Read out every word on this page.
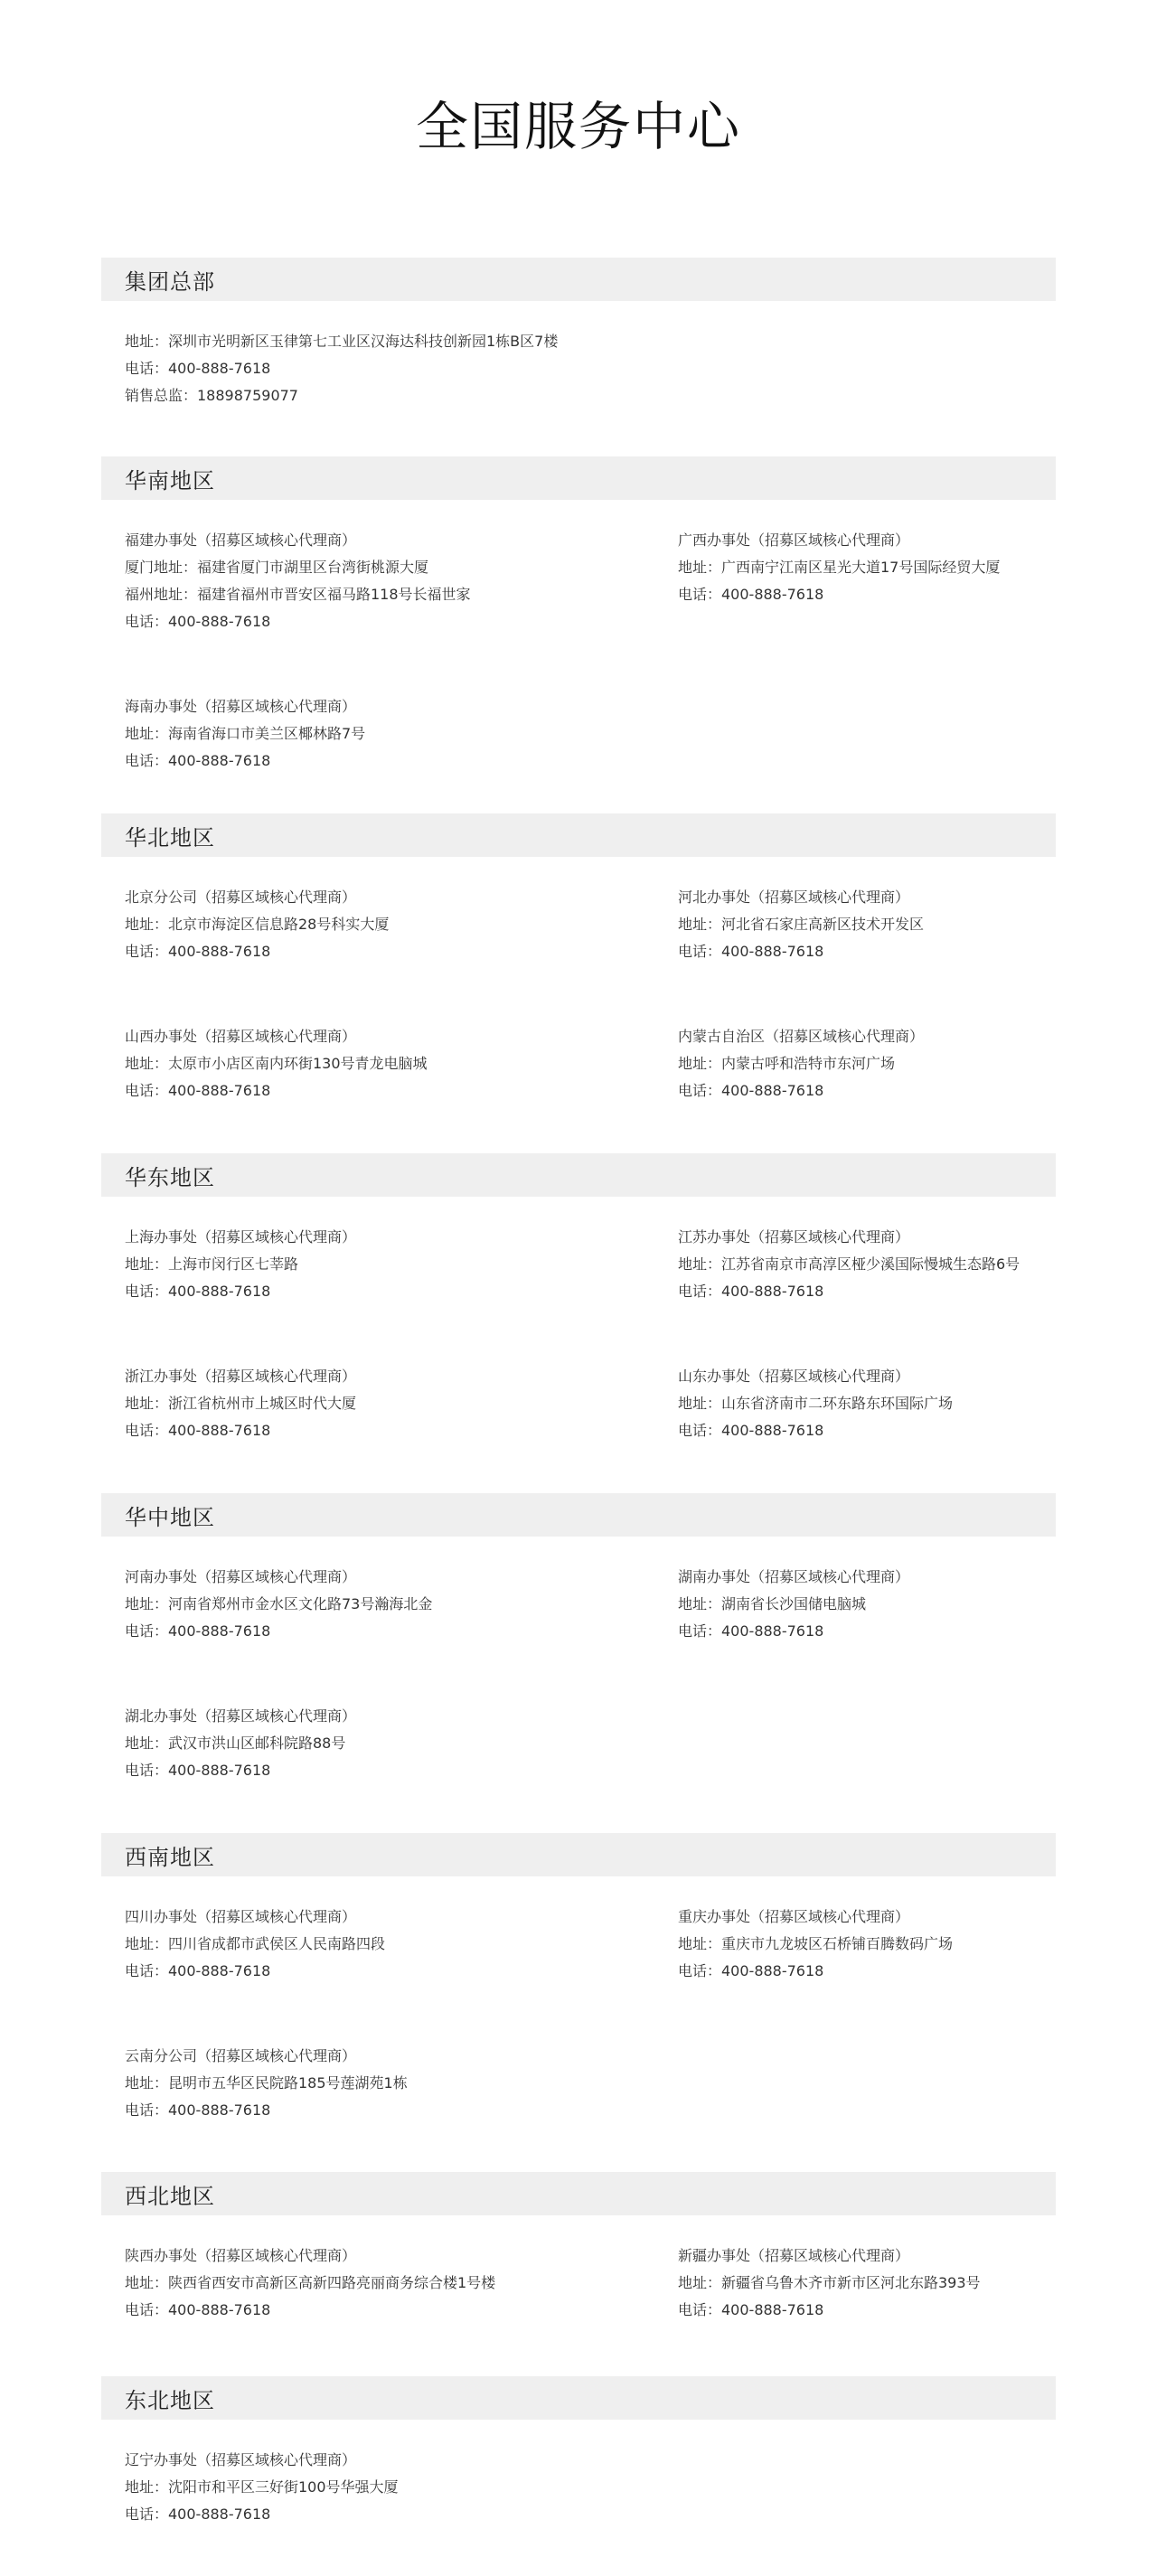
全国服务中心
集团总部
地址：深圳市光明新区玉律第七工业区汉海达科技创新园1栋B区7楼
电话：400-888-7618
销售总监：18898759077
华南地区
福建办事处（招募区域核心代理商）
厦门地址：福建省厦门市湖里区台湾街桃源大厦
福州地址：福建省福州市晋安区福马路118号长福世家
电话：400-888-7618
广西办事处（招募区域核心代理商）
地址：广西南宁江南区星光大道17号国际经贸大厦
电话：400-888-7618
海南办事处（招募区域核心代理商）
地址：海南省海口市美兰区椰林路7号
电话：400-888-7618
华北地区
北京分公司（招募区域核心代理商）
地址：北京市海淀区信息路28号科实大厦
电话：400-888-7618
河北办事处（招募区域核心代理商）
地址：河北省石家庄高新区技术开发区
电话：400-888-7618
山西办事处（招募区域核心代理商）
地址：太原市小店区南内环街130号青龙电脑城
电话：400-888-7618
内蒙古自治区（招募区域核心代理商）
地址：内蒙古呼和浩特市东河广场
电话：400-888-7618
华东地区
上海办事处（招募区域核心代理商）
地址：上海市闵行区七莘路
电话：400-888-7618
江苏办事处（招募区域核心代理商）
地址：江苏省南京市高淳区桠少溪国际慢城生态路6号
电话：400-888-7618
浙江办事处（招募区域核心代理商）
地址：浙江省杭州市上城区时代大厦
电话：400-888-7618
山东办事处（招募区域核心代理商）
地址：山东省济南市二环东路东环国际广场
电话：400-888-7618
华中地区
河南办事处（招募区域核心代理商）
地址：河南省郑州市金水区文化路73号瀚海北金
电话：400-888-7618
湖南办事处（招募区域核心代理商）
地址：湖南省长沙国储电脑城
电话：400-888-7618
湖北办事处（招募区域核心代理商）
地址：武汉市洪山区邮科院路88号
电话：400-888-7618
西南地区
四川办事处（招募区域核心代理商）
地址：四川省成都市武侯区人民南路四段
电话：400-888-7618
重庆办事处（招募区域核心代理商）
地址：重庆市九龙坡区石桥铺百腾数码广场
电话：400-888-7618
云南分公司（招募区域核心代理商）
地址：昆明市五华区民院路185号莲湖苑1栋
电话：400-888-7618
西北地区
陕西办事处（招募区域核心代理商）
地址：陕西省西安市高新区高新四路亮丽商务综合楼1号楼
电话：400-888-7618
新疆办事处（招募区域核心代理商）
地址：新疆省乌鲁木齐市新市区河北东路393号
电话：400-888-7618
东北地区
辽宁办事处（招募区域核心代理商）
地址：沈阳市和平区三好街100号华强大厦
电话：400-888-7618
